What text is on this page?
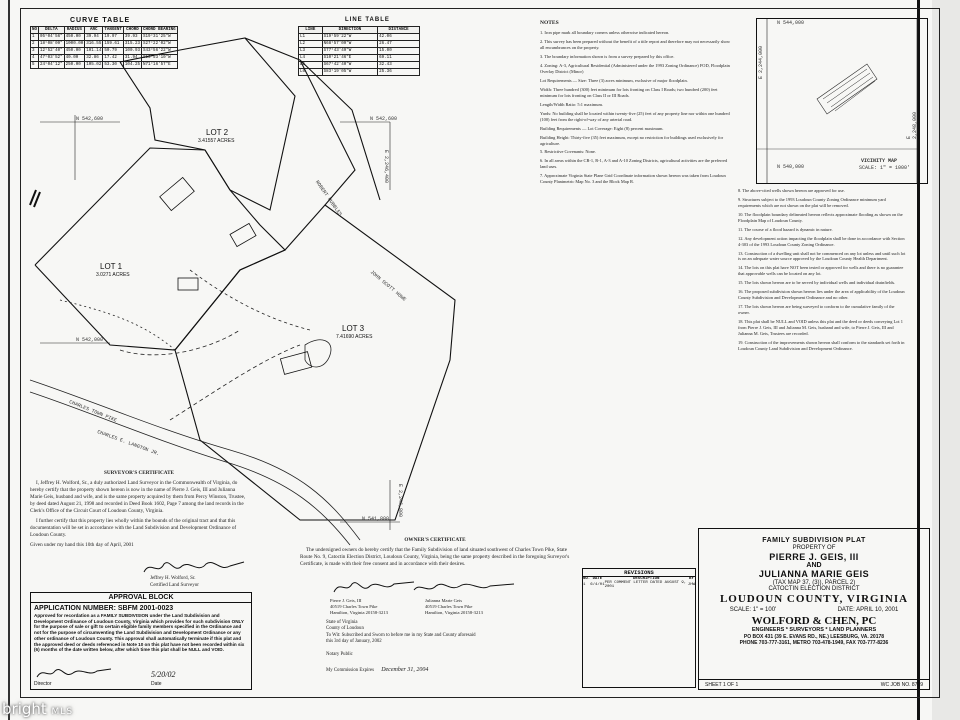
CURVE TABLE
NO	DELTA	RADIUS	ARC	TANGENT	CHORD	CHORD BEARING
1	05°04'56"	450.00	39.94	19.97	39.93	S19°31'25"W
2	18°08'09"	1000.00	316.55	159.61	315.23	S27°22'02"W
3	12°52'40"	450.00	101.14	50.79	100.93	S43°56'22"W
4	47°03'52"	40.00	32.86	17.42	31.94	S13°53'10"W
5	24°04'12"	250.00	105.02	53.30	104.25	N71°16'57"E
LINE TABLE
LINE	DIRECTION	DISTANCE
L1	S19°59'22"W	42.06
L2	N68°57'09"W	26.47
L3	S77°43'49"W	15.00
L4	S10°21'46"E	69.11
L5	S67°42'40"W	32.43
L6	S83°19'05"W	25.36
LOT 2
3.41557 ACRES
LOT 1
3.0271 ACRES
LOT 3
7.41690 ACRES
N 542,600	N 542,600
N 542,000
N 541,800
E 2,246,400
E 2,246,800
CHARLES TOWN PIKE
JOHN SCOTT HOWE
ROBERT HUBBLES
CHARLES E. LANGTON JR.
NOTES

1. Iron pipe mark all boundary corners unless otherwise indicated hereon.

2. This survey has been prepared without the benefit of a title report and therefore may not necessarily show all encumbrances on the property.

3. The boundary information shown is from a survey prepared by this office.

4. Zoning: A-3, Agricultural Residential (Administered under the 1993 Zoning Ordinance) FOD, Floodplain Overlay District (Minor)

Lot Requirements — Size: Three (3) acres minimum, exclusive of major floodplain.

Width: Three hundred (300) feet minimum for lots fronting on Class I Roads; two hundred (200) feet minimum for lots fronting on Class II or III Roads.

Length/Width Ratio: 5:1 maximum.

Yards: No building shall be located within twenty-five (25) feet of any property line nor within one hundred (100) feet from the right-of-way of any arterial road.

Building Requirements — Lot Coverage: Eight (8) percent maximum.

Building Height: Thirty-five (35) feet maximum, except no restriction for buildings used exclusively for agriculture.

5. Restrictive Covenants: None.

6. In all areas within the CR-1, R-1, A-3 and A-10 Zoning Districts, agricultural activities are the preferred land uses.

7. Approximate Virginia State Plane Grid Coordinate information shown hereon was taken from Loudoun County Planimetric Map No. 3 and the Block Map R.

8. The above-cited wells shown hereon are approved for use.

9. Structures subject to the 1993 Loudoun County Zoning Ordinance minimum yard requirements which are not shown on the plat will be removed.

10. The floodplain boundary delineated hereon reflects approximate flooding as shown on the Floodplain Map of Loudoun County.

11. The course of a flood hazard is dynamic in nature.

12. Any development action impacting the floodplain shall be done in accordance with Section 4-303 of the 1993 Loudoun County Zoning Ordinance.

13. Construction of a dwelling unit shall not be commenced on any lot unless and until such lot is on an adequate water source approved by the Loudoun County Health Department.

14. The lots on this plat have NOT been tested or approved for wells and there is no guarantee that approvable wells can be located on any lot.

15. The lots shown hereon are to be served by individual wells and individual drainfields.

16. The proposed subdivision shown hereon lies under the area of applicability of the Loudoun County Subdivision and Development Ordinance and no other.

17. The lots shown hereon are being surveyed to conform to the cumulative family of the owner.

18. This plat shall be NULL and VOID unless this plat and the deed or deeds conveying Lot 1 from Pierre J. Geis, III and Julianna M. Geis, husband and wife, to Pierre J. Geis, III and Julianna M. Geis, Trustees are recorded.

19. Construction of the improvements shown hereon shall conform to the standards set forth in Loudoun County Land Subdivision and Development Ordinance.

N 544,000
E 2,244,000
N 540,000
E 2,248,000
VICINITY MAP
SCALE: 1" = 1000'
SURVEYOR'S CERTIFICATE

I, Jeffrey H. Wolford, Sr., a duly authorized Land Surveyor in the Commonwealth of Virginia, do hereby certify that the property shown hereon is now in the name of Pierre J. Geis, III and Julianna Marie Geis, husband and wife, and is the same property acquired by them from Percy Winston, Trustee, by deed dated August 21, 1998 and recorded in Deed Book 1602, Page 7 among the land records in the Clerk's Office of the Circuit Court of Loudoun County, Virginia.

I further certify that this property lies wholly within the bounds of the original tract and that this documentation will be set in accordance with the Land Subdivision and Development Ordinance of Loudoun County.

Given under my hand this 10th day of April, 2001

Jeffrey H. Wolford, Sr.
Certified Land Surveyor
APPROVAL BLOCK
APPLICATION NUMBER: SBFM 2001-0023
Approved for recordation as a FAMILY SUBDIVISION under the Land Subdivision and Development Ordinance of Loudoun County, Virginia which provides for such subdivision ONLY for the purpose of sale or gift to certain eligible family members specified in the Ordinance and not for the purpose of circumventing the Land Subdivision and Development Ordinance or any other ordinance of Loudoun County. This approval shall automatically terminate if this plat and the approved deed or deeds referenced in Note 10 on this plat have not been recorded within six (6) months of the date written below, after which time this plat shall be NULL and VOID.
Director	Date
5/20/02
OWNER'S CERTIFICATE

The undersigned owners do hereby certify that the Family Subdivision of land situated southwest of Charles Town Pike, State Route No. 9, Catoctin Election District, Loudoun County, Virginia, being the same property described in the foregoing Surveyor's Certificate, is made with their free consent and in accordance with their desires.

Pierre J. Geis, III
40519 Charles Town Pike
Hamilton, Virginia 20158-3213
Julianna Marie Geis
40519 Charles Town Pike
Hamilton, Virginia 20158-3213
State of Virginia
County of Loudoun
To Wit: Subscribed and Sworn to before me in my State and County aforesaid this 3rd day of January, 2002
Notary Public
My Commission Expires December 31, 2004
REVISIONS
NO.	DATE	DESCRIPTION	BY
1	6/4/01	PER COMMENT LETTER DATED AUGUST 9, 2001	JHW
FAMILY SUBDIVISION PLAT
PROPERTY OF
PIERRE J. GEIS, III
AND
JULIANNA MARIE GEIS
(TAX MAP 37, (3)), PARCEL 2)
CATOCTIN ELECTION DISTRICT
LOUDOUN COUNTY, VIRGINIA
SCALE: 1" = 100'	DATE: APRIL 10, 2001
WOLFORD & CHEN, PC
ENGINEERS * SURVEYORS * LAND PLANNERS
PO BOX 431 (39 E. EVANS RD., NE.) LEESBURG, VA. 20178
PHONE 703-777-3161, METRO 703-478-1949, FAX 703-777-8236
SHEET 1 OF 1	WC JOB NO. 8749
bright MLS
